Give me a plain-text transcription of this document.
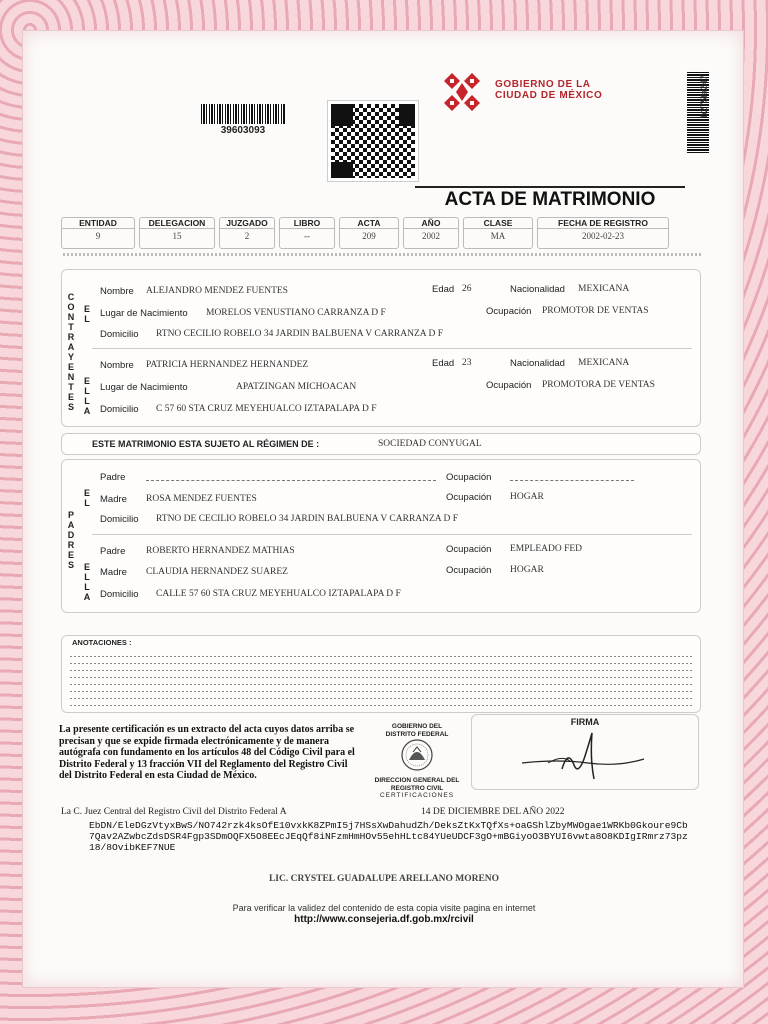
39603093
GOBIERNO DE LA
CIUDAD DE MÉXICO	b275fa247
ACTA DE MATRIMONIO
ENTIDAD
9
DELEGACION
15
JUZGADO
2
LIBRO
--
ACTA
209
AÑO
2002
CLASE
MA
FECHA DE REGISTRO
2002-02-23
CONTRAYENTES
EL
ELLA
Nombre ALEJANDRO MENDEZ FUENTES	Edad 26	Nacionalidad MEXICANA
Lugar de Nacimiento MORELOS VENUSTIANO CARRANZA D F	Ocupación PROMOTOR DE VENTAS
Domicilio RTNO CECILIO ROBELO 34 JARDIN BALBUENA V CARRANZA D F
Nombre PATRICIA HERNANDEZ HERNANDEZ	Edad 23	Nacionalidad MEXICANA
Lugar de Nacimiento	APATZINGAN MICHOACAN	Ocupación PROMOTORA DE VENTAS
Domicilio C 57 60 STA CRUZ MEYEHUALCO IZTAPALAPA D F
ESTE MATRIMONIO ESTA SUJETO AL RÉGIMEN DE :	SOCIEDAD CONYUGAL
PADRES
EL
ELLA
Padre	Ocupación
Madre ROSA MENDEZ FUENTES	Ocupación HOGAR
Domicilio RTNO DE CECILIO ROBELO 34 JARDIN BALBUENA V CARRANZA D F
Padre ROBERTO HERNANDEZ MATHIAS	Ocupación EMPLEADO FED
Madre CLAUDIA HERNANDEZ SUAREZ	Ocupación HOGAR
Domicilio CALLE 57 60 STA CRUZ MEYEHUALCO IZTAPALAPA D F
ANOTACIONES :
La presente certificación es un extracto del acta cuyos datos arriba se precisan y que se expide firmada electrónicamente y de manera autógrafa con fundamento en los artículos 48 del Código Civil para el Distrito Federal y 13 fracción VII del Reglamento del Registro Civil del Distrito Federal en esta Ciudad de México.
GOBIERNO DEL
DISTRITO FEDERAL
DIRECCION GENERAL DEL
REGISTRO CIVIL
CERTIFICACIONES
FIRMA
La C. Juez Central del Registro Civil del Distrito Federal A	14 DE DICIEMBRE DEL AÑO 2022
EbDN/EleDGzVtyxBwS/NO742rzk4ksOfE10vxkK8ZPmI5j7HSsXwDahudZh/DeksZtKxTQfXs+oaGShlZbyMWOgae1WRKb0Gkoure9Cb7Qav2AZwbcZdsDSR4Fgp3SDmOQFX5O8EEcJEqQf8iNFzmHmHOv55ehHLtc84YUeUDCF3gO+mBGiyoO3BYUI6vwta8O8KDIgIRmrz73pz18/8OvibKEF7NUE
LIC. CRYSTEL GUADALUPE ARELLANO MORENO
Para verificar la validez del contenido de esta copia visite pagina en internet
http://www.consejeria.df.gob.mx/rcivil
